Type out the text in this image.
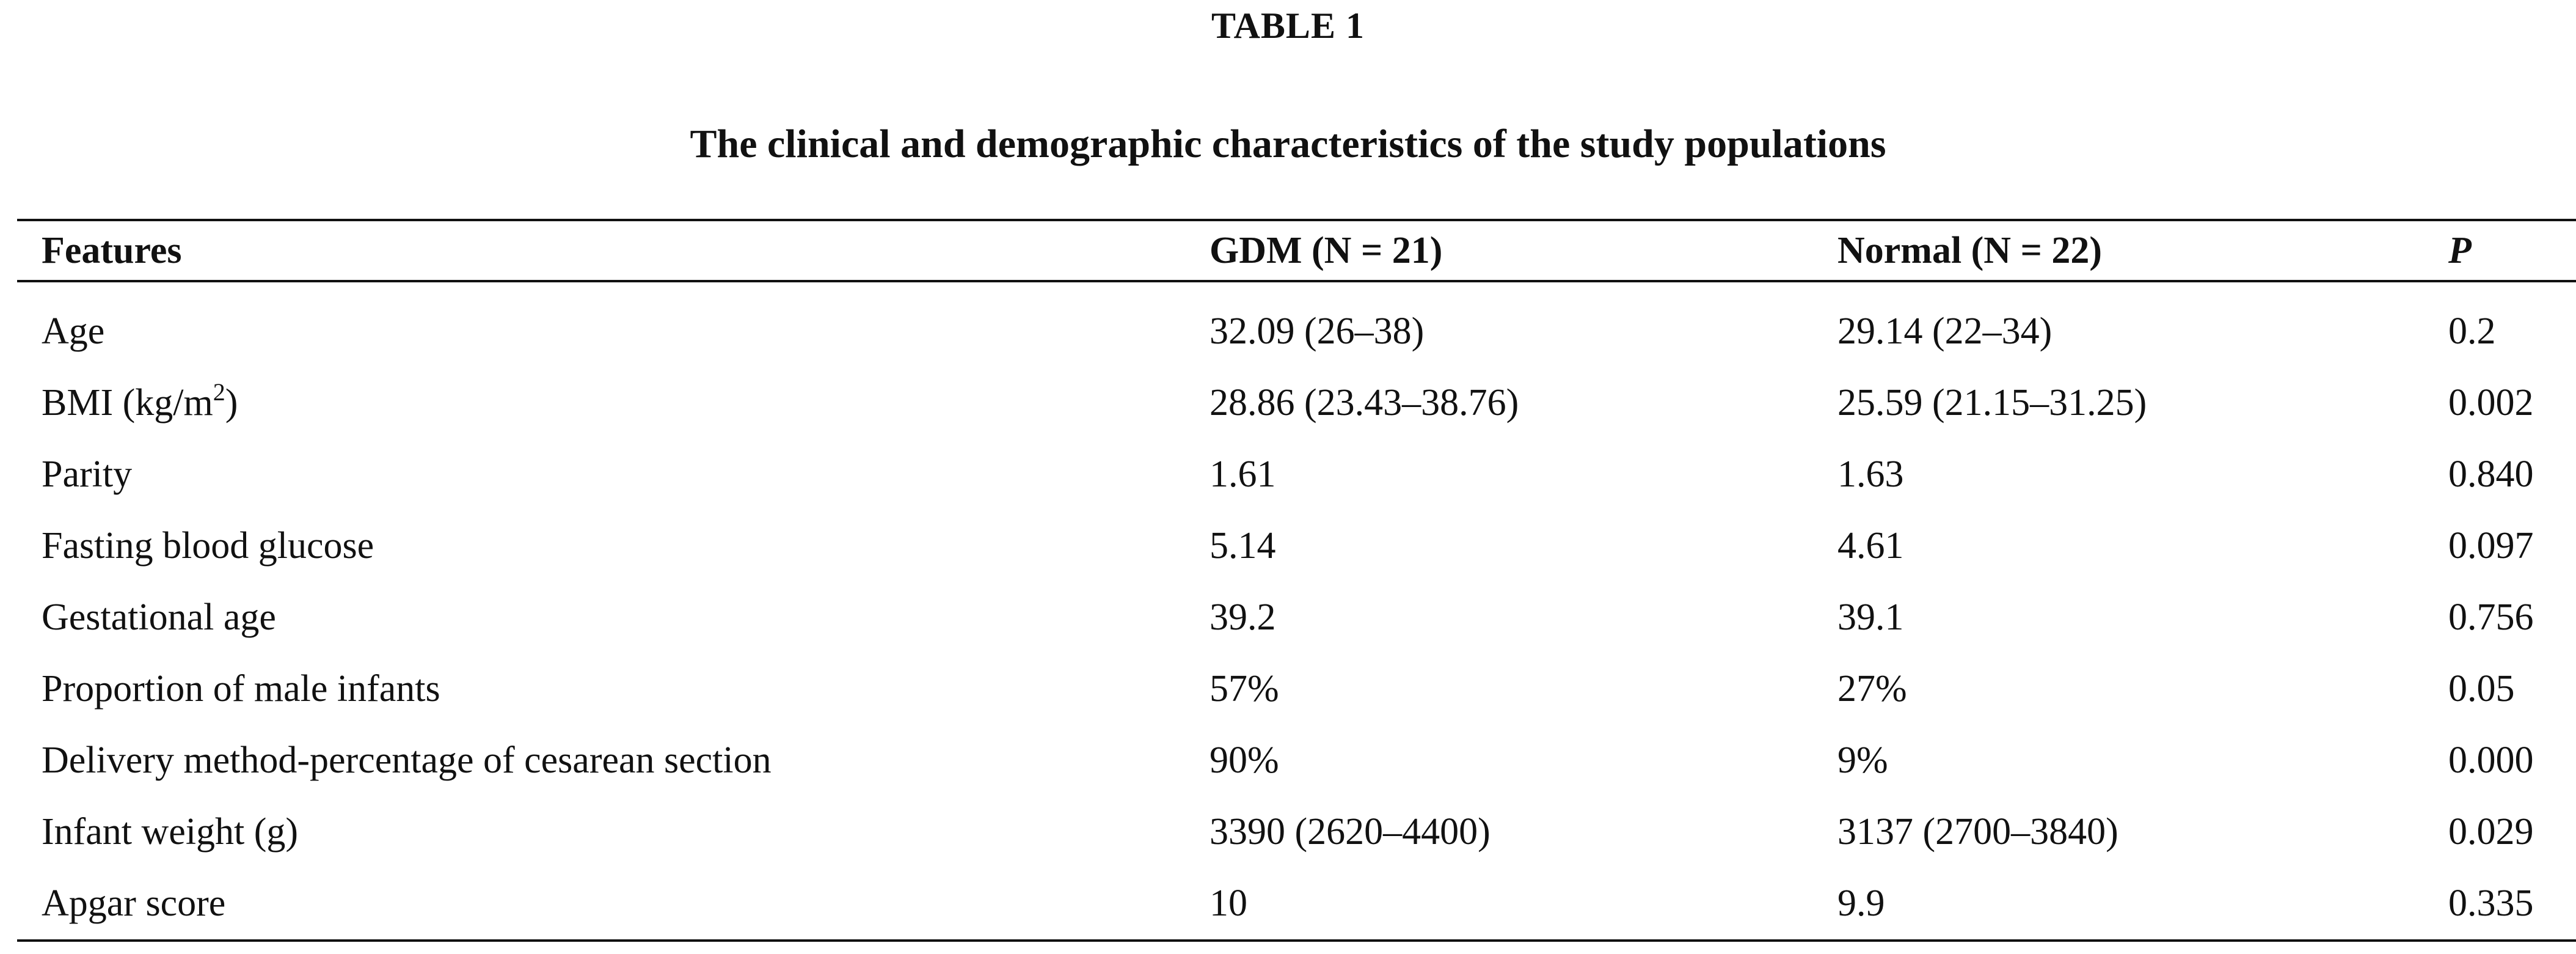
TABLE 1
The clinical and demographic characteristics of the study populations
Features	GDM (N = 21)	Normal (N = 22)	P

Age	32.09 (26–38)	29.14 (22–34)	0.2
BMI $(kg/m^2)$	28.86 (23.43–38.76)	25.59 (21.15–31.25)	0.002
Parity	1.61	1.63	0.840
Fasting blood glucose	5.14	4.61	0.097
Gestational age	39.2	39.1	0.756
Proportion of male infants	57%	27%	0.05
Delivery method-percentage of cesarean section	90%	9%	0.000
Infant weight (g)	3390 (2620–4400)	3137 (2700–3840)	0.029
Apgar score	10	9.9	0.335
